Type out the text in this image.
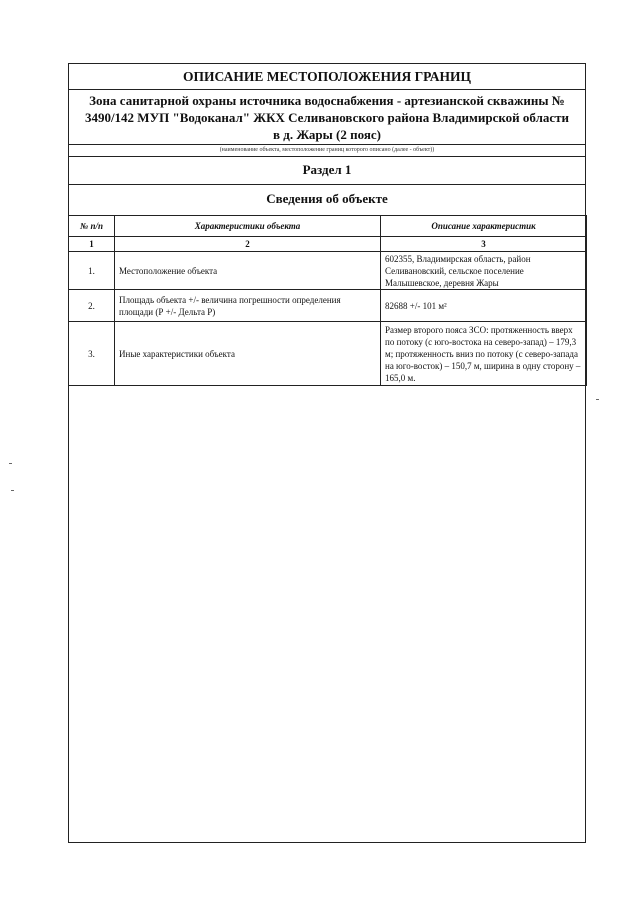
ОПИСАНИЕ МЕСТОПОЛОЖЕНИЯ ГРАНИЦ
Зона санитарной охраны источника водоснабжения - артезианской скважины №
3490/142 МУП "Водоканал" ЖКХ Селивановского района Владимирской области
в д. Жары (2 пояс)
(наименование объекта, местоположение границ которого описано (далее - объект))
Раздел 1
Сведения об объекте
№ п/п	Характеристики объекта	Описание характеристик
1	2	3
1.	Местоположение объекта	602355, Владимирская область, район Селивановский, сельское поселение Малышевское, деревня Жары
2.	Площадь объекта +/- величина погрешности определения площади (Р +/- Дельта Р)	82688 +/- 101 м²
3.	Иные характеристики объекта	Размер второго пояса ЗСО: протяженность вверх по потоку (с юго-востока на северо-запад) – 179,3 м; протяженность вниз по потоку (с северо-запада на юго-восток) – 150,7 м, ширина в одну сторону – 165,0 м.
